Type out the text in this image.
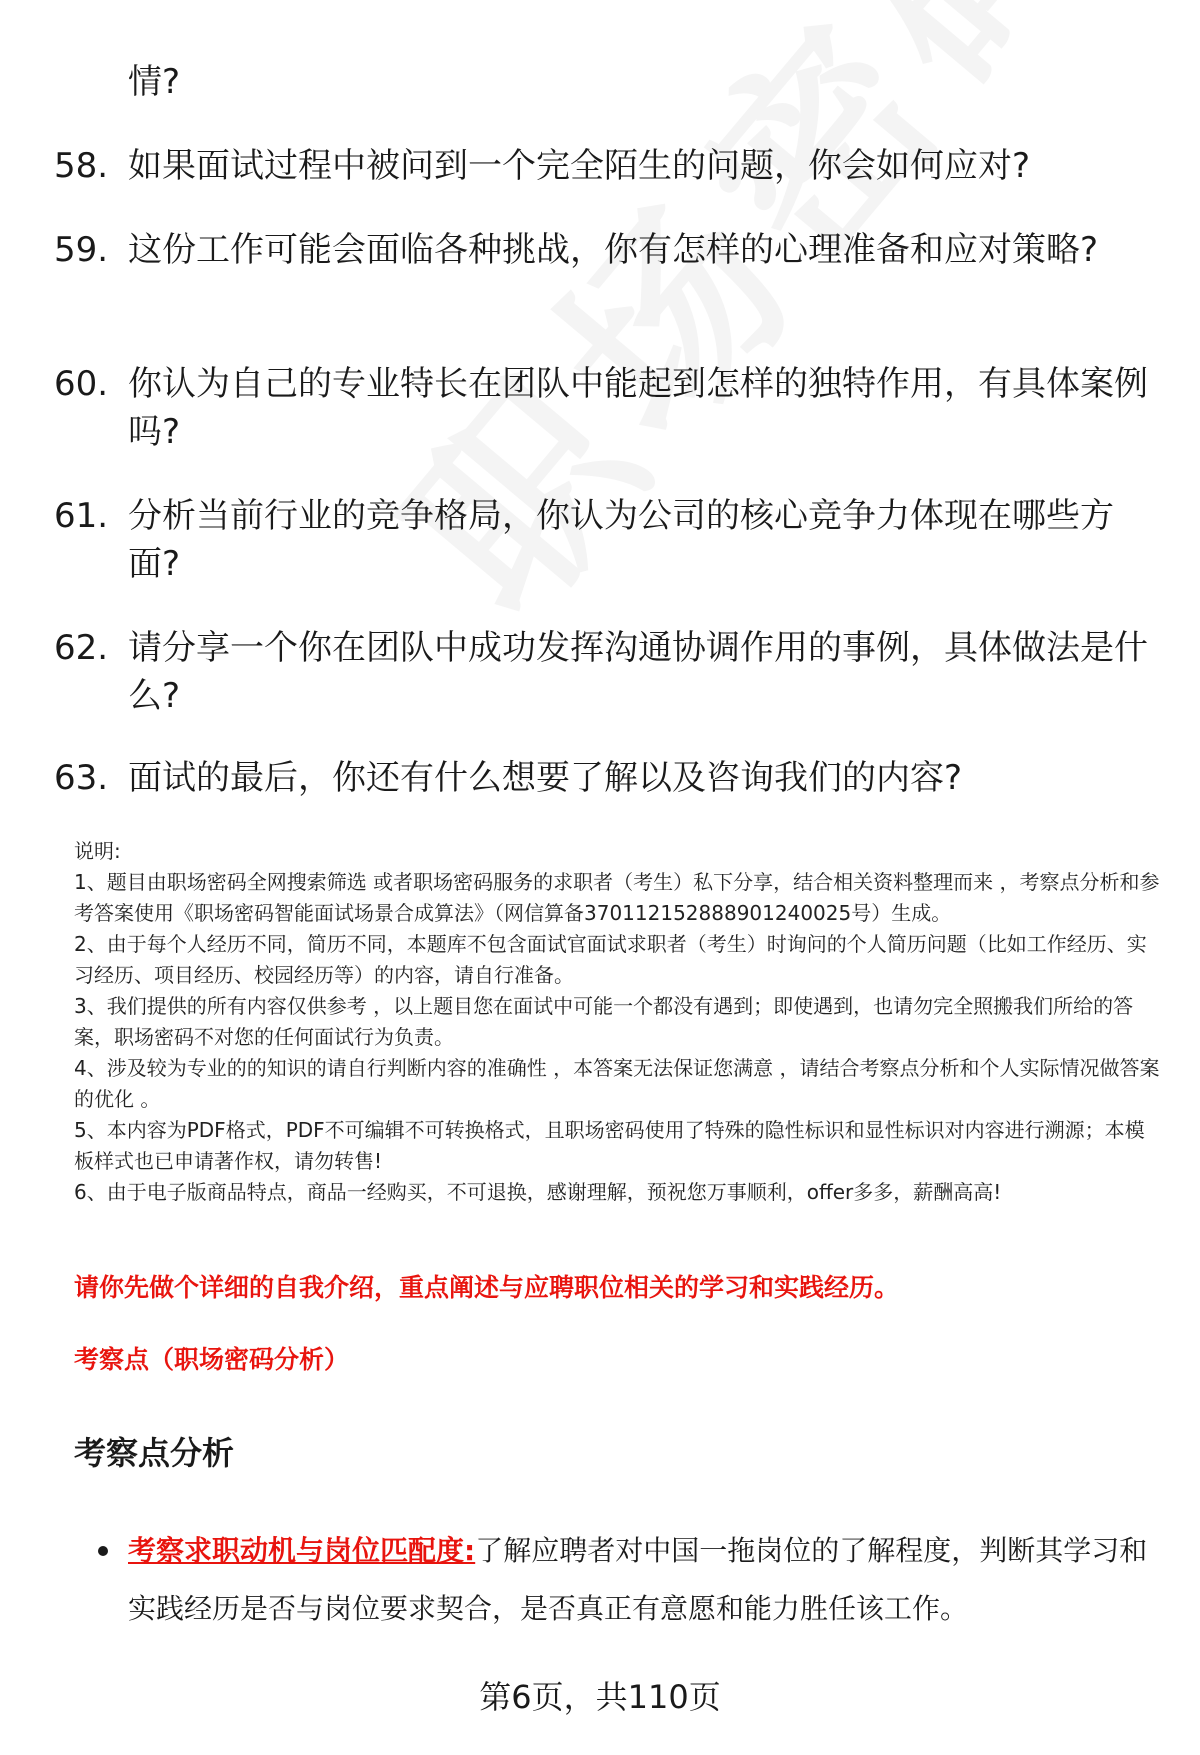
情?

58. 如果面试过程中被问到一个完全陌生的问题，你会如何应对?
59. 这份工作可能会面临各种挑战，你有怎样的心理准备和应对策略?
60. 你认为自己的专业特长在团队中能起到怎样的独特作用，有具体案例吗?
61. 分析当前行业的竞争格局，你认为公司的核心竞争力体现在哪些方面?
62. 请分享一个你在团队中成功发挥沟通协调作用的事例，具体做法是什么?
63. 面试的最后，你还有什么想要了解以及咨询我们的内容?

说明:

1、题目由职场密码全网搜索筛选 或者职场密码服务的求职者（考生）私下分享，结合相关资料整理而来 ，考察点分析和参考答案使用《职场密码智能面试场景合成算法》（网信算备370112152888901240025号）生成。

2、由于每个人经历不同，简历不同，本题库不包含面试官面试求职者（考生）时询问的个人简历问题（比如工作经历、实习经历、项目经历、校园经历等）的内容，请自行准备。

3、我们提供的所有内容仅供参考 ，以上题目您在面试中可能一个都没有遇到；即使遇到，也请勿完全照搬我们所给的答案，职场密码不对您的任何面试行为负责。

4、涉及较为专业的的知识的请自行判断内容的准确性 ，本答案无法保证您满意 ，请结合考察点分析和个人实际情况做答案的优化 。

5、本内容为PDF格式，PDF不可编辑不可转换格式，且职场密码使用了特殊的隐性标识和显性标识对内容进行溯源；本模板样式也已申请著作权，请勿转售!

6、由于电子版商品特点，商品一经购买，不可退换，感谢理解，预祝您万事顺利，offer多多，薪酬高高!

请你先做个详细的自我介绍，重点阐述与应聘职位相关的学习和实践经历。

考察点（职场密码分析）

考察点分析

考察求职动机与岗位匹配度:了解应聘者对中国一拖岗位的了解程度，判断其学习和实践经历是否与岗位要求契合，是否真正有意愿和能力胜任该工作。

第6页，共110页
